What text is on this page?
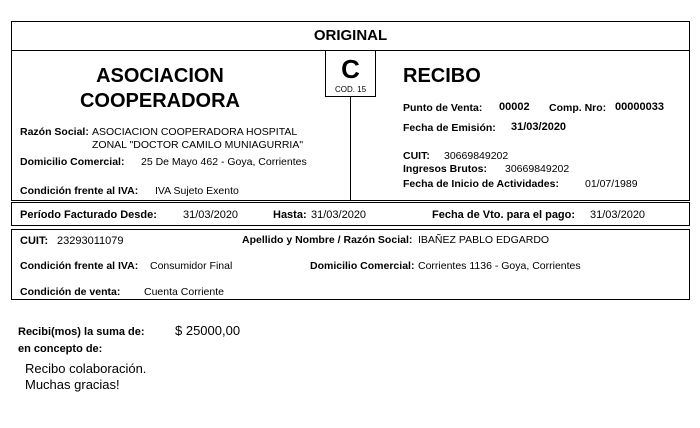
ORIGINAL
C
COD. 15
ASOCIACION
COOPERADORA
Razón Social: ASOCIACION COOPERADORA HOSPITAL
ZONAL "DOCTOR CAMILO MUNIAGURRIA"
Domicilio Comercial: 25 De Mayo 462 - Goya, Corrientes
Condición frente al IVA: IVA Sujeto Exento
RECIBO
Punto de Venta: 00002 Comp. Nro: 00000033
Fecha de Emisión: 31/03/2020
CUIT: 30669849202
Ingresos Brutos: 30669849202
Fecha de Inicio de Actividades: 01/07/1989
Período Facturado Desde: 31/03/2020	Hasta: 31/03/2020	Fecha de Vto. para el pago: 31/03/2020
CUIT: 23293011079	Apellido y Nombre / Razón Social: IBAÑEZ PABLO EDGARDO
Condición frente al IVA: Consumidor Final	Domicilio Comercial: Corrientes 1136 - Goya, Corrientes
Condición de venta: Cuenta Corriente
Recibi(mos) la suma de: $ 25000,00
en concepto de:
Recibo colaboración.
Muchas gracias!
